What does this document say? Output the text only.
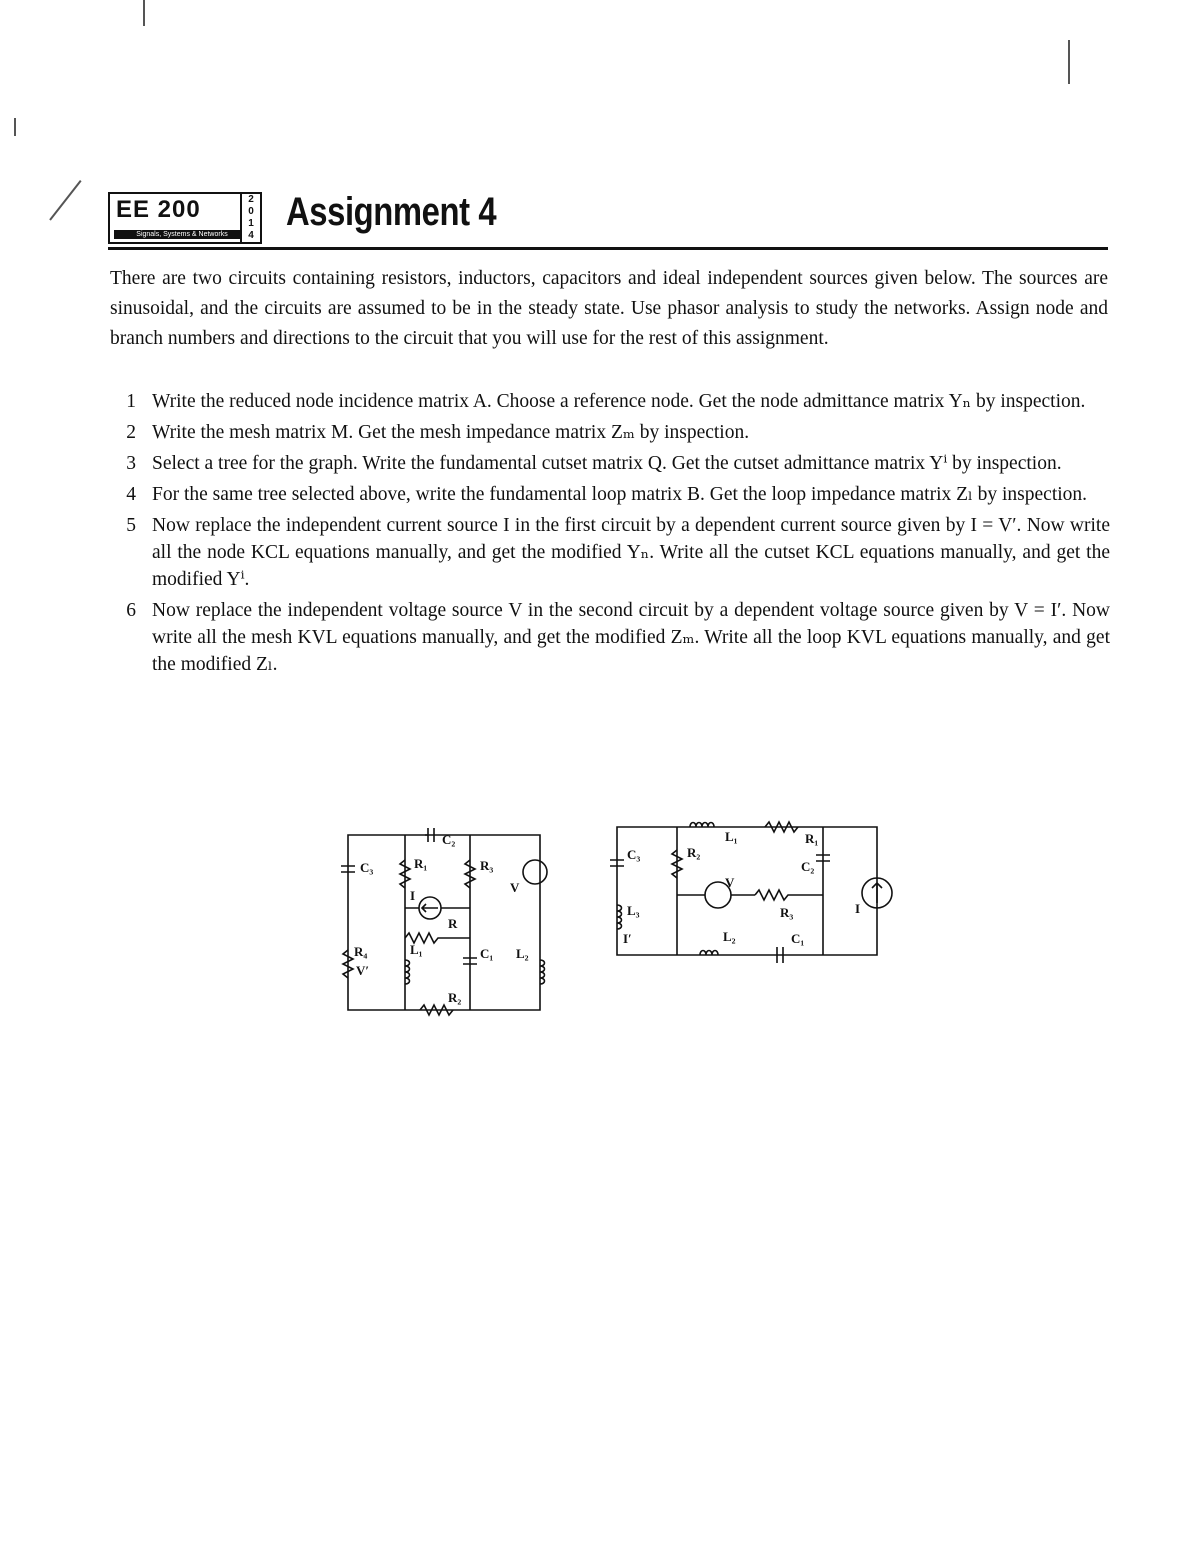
EE 200
Signals, Systems & Networks
2
0
1
4
Assignment 4
There are two circuits containing resistors, inductors, capacitors and ideal independent sources given below. The sources are sinusoidal, and the circuits are assumed to be in the steady state. Use phasor analysis to study the networks. Assign node and branch numbers and directions to the circuit that you will use for the rest of this assignment.
1 Write the reduced node incidence matrix A. Choose a reference node. Get the node admittance matrix Yₙ by inspection.
2 Write the mesh matrix M. Get the mesh impedance matrix Zₘ by inspection.
3 Select a tree for the graph. Write the fundamental cutset matrix Q. Get the cutset admittance matrix Yⁱ by inspection.
4 For the same tree selected above, write the fundamental loop matrix B. Get the loop impedance matrix Zₗ by inspection.
5 Now replace the independent current source I in the first circuit by a dependent current source given by I = V′. Now write all the node KCL equations manually, and get the modified Yₙ. Write all the cutset KCL equations manually, and get the modified Yⁱ.
6 Now replace the independent voltage source V in the second circuit by a dependent voltage source given by V = I′. Now write all the mesh KVL equations manually, and get the modified Zₘ. Write all the loop KVL equations manually, and get the modified Zₗ.
C₃	R₁
C₂
R₃
I
V
R
L₁	C₁ L₂
R₄
V′
R₂
C₃	R₂
L₁	R₁
C₂
V
R₃
L₃
I′	L₂	C₁
I
